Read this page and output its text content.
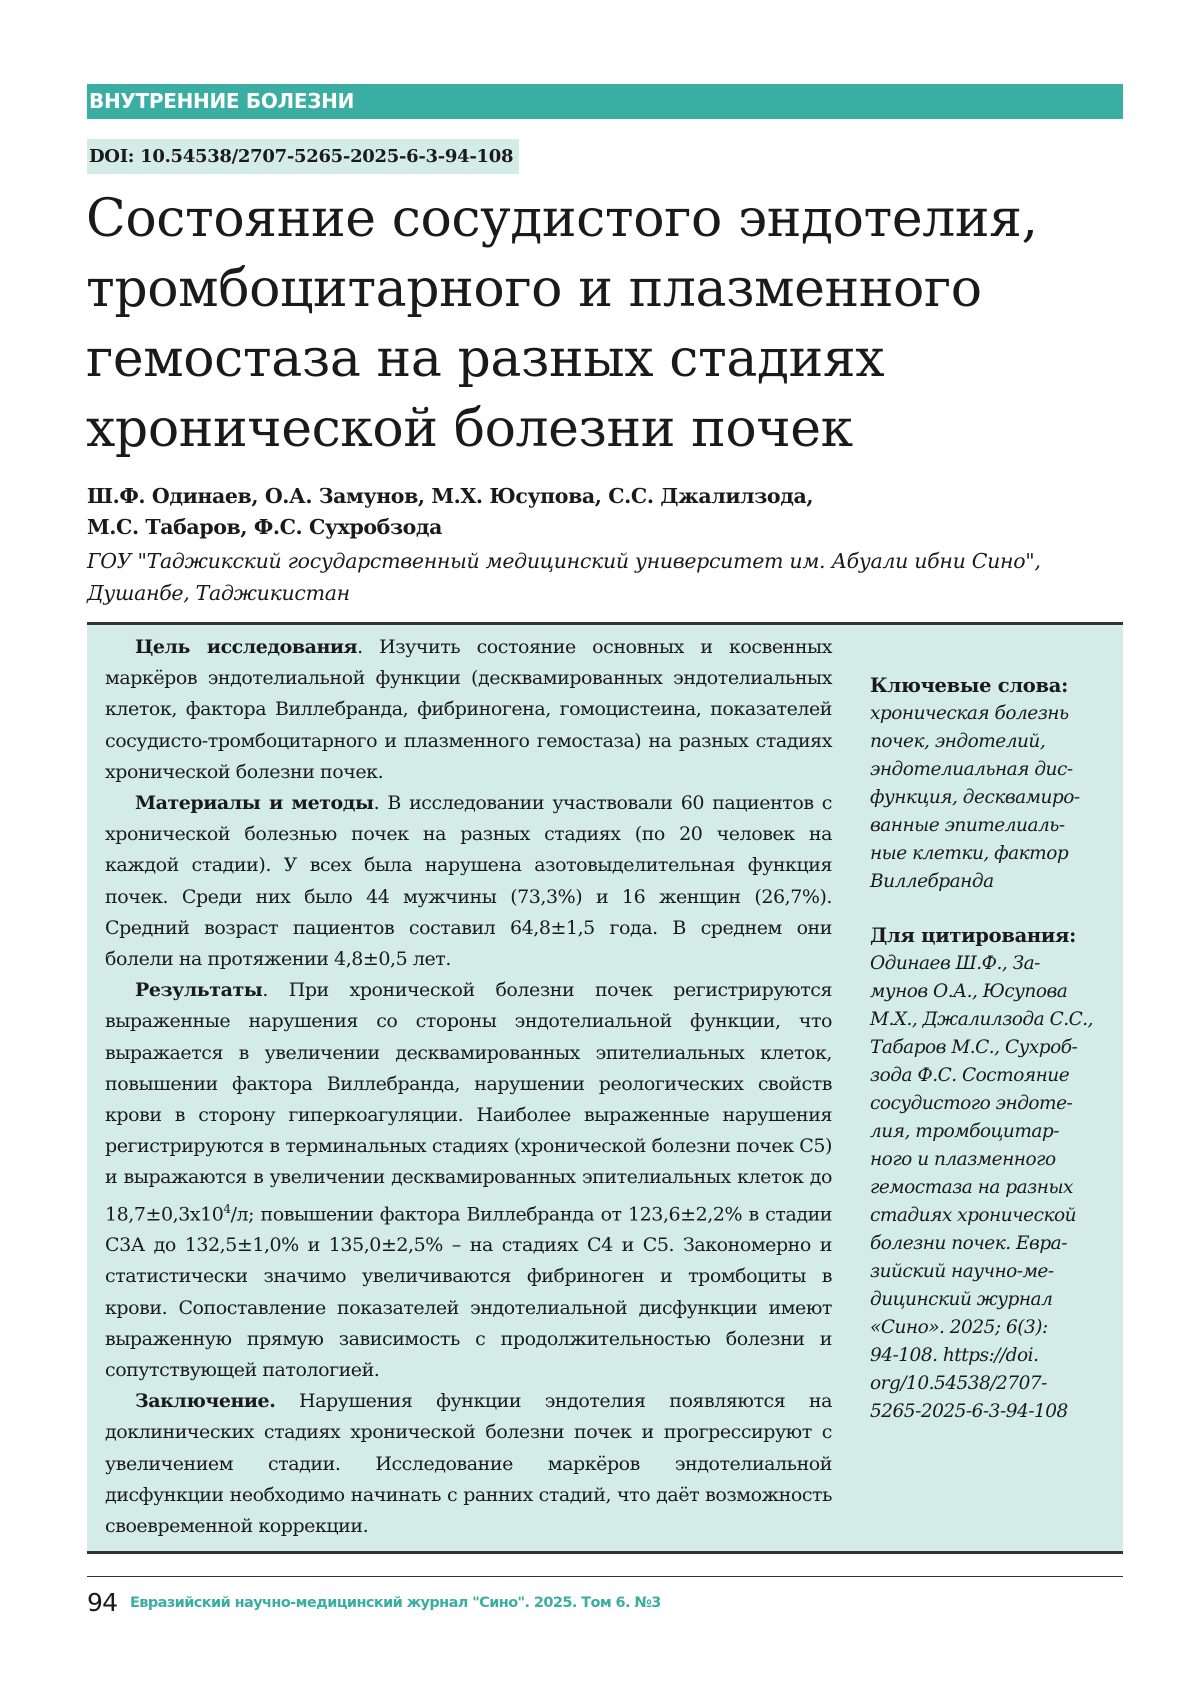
ВНУТРЕННИЕ БОЛЕЗНИ
DOI: 10.54538/2707-5265-2025-6-3-94-108
Состояние сосудистого эндотелия,
тромбоцитарного и плазменного
гемостаза на разных стадиях
хронической болезни почек
Ш.Ф. Одинаев, О.А. Замунов, М.Х. Юсупова, С.С. Джалилзода,
М.С. Табаров, Ф.С. Сухробзода
ГОУ "Таджикский государственный медицинский университет им. Абуали ибни Сино",
Душанбе, Таджикистан

Цель исследования. Изучить состояние основных и косвенных маркёров эндотелиальной функции (десквамированных эндотелиальных клеток, фактора Виллебранда, фибриногена, гомоцистеина, показателей сосудисто-тромбоцитарного и плазменного гемостаза) на разных стадиях хронической болезни почек.

Материалы и методы. В исследовании участвовали 60 пациентов с хронической болезнью почек на разных стадиях (по 20 человек на каждой стадии). У всех была нарушена азотовыделительная функция почек. Среди них было 44 мужчины (73,3%) и 16 женщин (26,7%). Средний возраст пациентов составил 64,8±1,5 года. В среднем они болели на протяжении 4,8±0,5 лет.

Результаты. При хронической болезни почек регистрируются выраженные нарушения со стороны эндотелиальной функции, что выражается в увеличении десквамированных эпителиальных клеток, повышении фактора Виллебранда, нарушении реологических свойств крови в сторону гиперкоагуляции. Наиболее выраженные нарушения регистрируются в терминальных стадиях (хронической болезни почек С5) и выражаются в увеличении десквамированных эпителиальных клеток до 18,7±0,3х104/л; повышении фактора Виллебранда от 123,6±2,2% в стадии С3А до 132,5±1,0% и 135,0±2,5% – на стадиях С4 и С5. Закономерно и статистически значимо увеличиваются фибриноген и тромбоциты в крови. Сопоставление показателей эндотелиальной дисфункции имеют выраженную прямую зависимость с продолжительностью болезни и сопутствующей патологией.

Заключение. Нарушения функции эндотелия появляются на доклинических стадиях хронической болезни почек и прогрессируют с увеличением стадии. Исследование маркёров эндотелиальной дисфункции необходимо начинать с ранних стадий, что даёт возможность своевременной коррекции.

Ключевые слова:
хроническая болезнь
почек, эндотелий,
эндотелиальная дис-
функция, десквамиро-
ванные эпителиаль-
ные клетки, фактор
Виллебранда
Для цитирования:
Одинаев Ш.Ф., За-
мунов О.А., Юсупова
М.Х., Джалилзода С.С.,
Табаров М.С., Сухроб-
зода Ф.С. Состояние
сосудистого эндоте-
лия, тромбоцитар-
ного и плазменного
гемостаза на разных
стадиях хронической
болезни почек. Евра-
зийский научно-ме-
дицинский журнал
«Сино». 2025; 6(3):
94-108. https://doi.
org/10.54538/2707-
5265-2025-6-3-94-108
94 Евразийский научно-медицинский журнал "Сино". 2025. Том 6. №3
